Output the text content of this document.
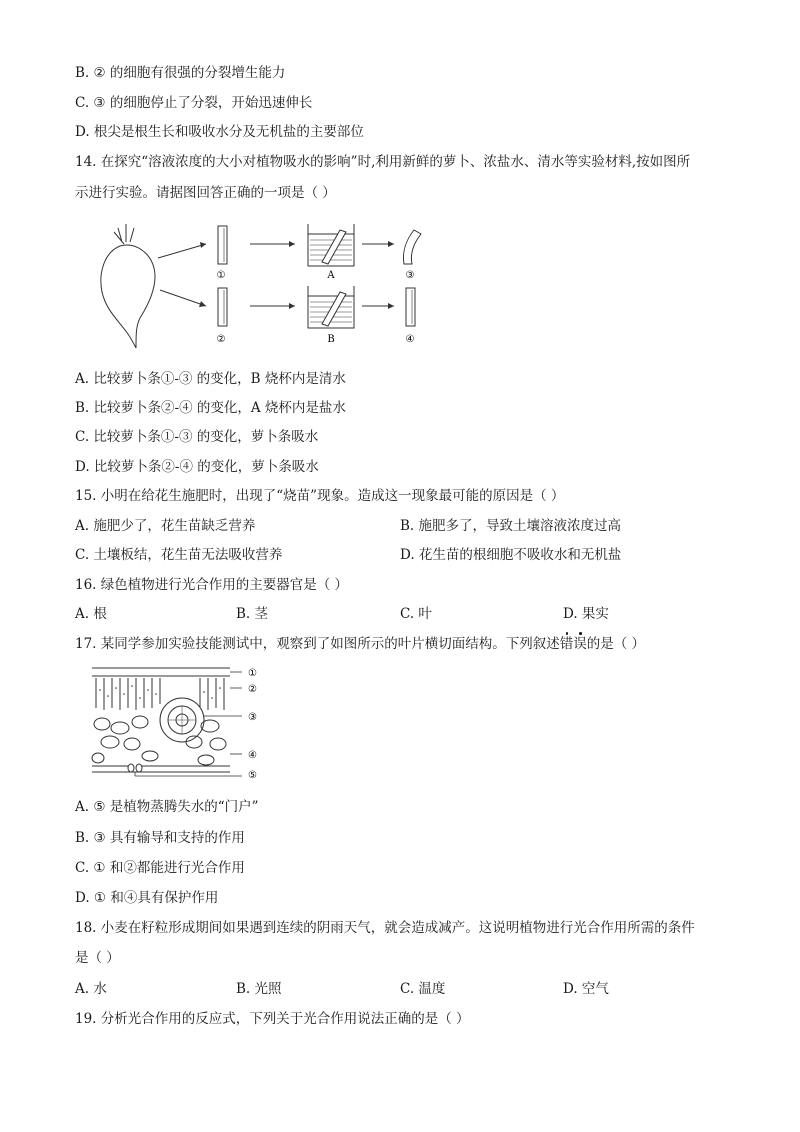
B. ② 的细胞有很强的分裂增生能力
C. ③ 的细胞停止了分裂，开始迅速伸长
D. 根尖是根生长和吸收水分及无机盐的主要部位
14. 在探究“溶液浓度的大小对植物吸水的影响”时,利用新鲜的萝卜、浓盐水、清水等实验材料,按如图所
示进行实验。请据图回答正确的一项是（ ）
①
②
A
B
③
④
A. 比较萝卜条①-③ 的变化，B 烧杯内是清水
B. 比较萝卜条②-④ 的变化，A 烧杯内是盐水
C. 比较萝卜条①-③ 的变化，萝卜条吸水
D. 比较萝卜条②-④ 的变化，萝卜条吸水
15. 小明在给花生施肥时，出现了“烧苗”现象。造成这一现象最可能的原因是（ ）
A. 施肥少了，花生苗缺乏营养	B. 施肥多了，导致土壤溶液浓度过高
C. 土壤板结，花生苗无法吸收营养	D. 花生苗的根细胞不吸收水和无机盐
16. 绿色植物进行光合作用的主要器官是（ ）
A. 根	B. 茎	C. 叶	D. 果实
17. 某同学参加实验技能测试中，观察到了如图所示的叶片横切面结构。下列叙述错误的是（ ）
①
②
③
④
⑤
A. ⑤ 是植物蒸腾失水的“门户”
B. ③ 具有输导和支持的作用
C. ① 和②都能进行光合作用
D. ① 和④具有保护作用
18. 小麦在籽粒形成期间如果遇到连续的阴雨天气，就会造成减产。这说明植物进行光合作用所需的条件
是（ ）
A. 水	B. 光照	C. 温度	D. 空气
19. 分析光合作用的反应式，下列关于光合作用说法正确的是（ ）
